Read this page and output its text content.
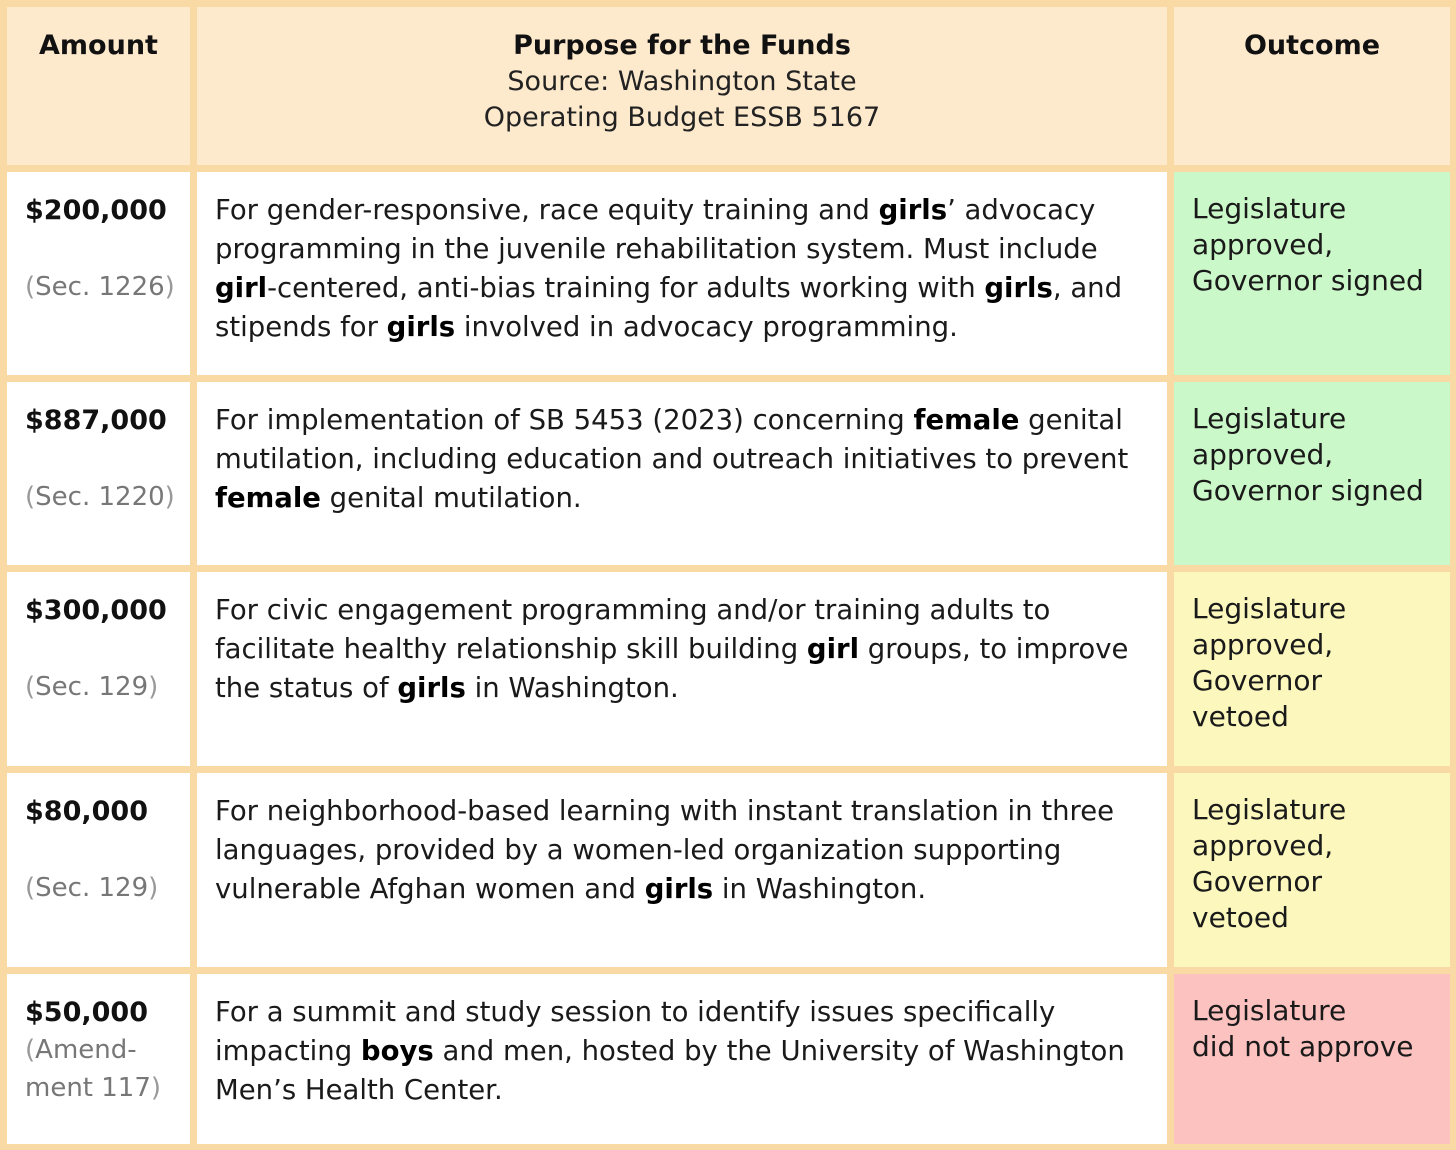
Amount	Purpose for the Funds
Source: Washington State
Operating Budget ESSB 5167
Outcome
$200,000
(Sec. 1226)
For gender-responsive, race equity training and girls’ advocacy programming in the juvenile rehabilitation system. Must include girl-centered, anti-bias training for adults working with girls, and stipends for girls involved in advocacy programming.
Legislature
approved,
Governor signed
$887,000
(Sec. 1220)
For implementation of SB 5453 (2023) concerning female genital mutilation, including education and outreach initiatives to prevent female genital mutilation.
Legislature
approved,
Governor signed
$300,000
(Sec. 129)
For civic engagement programming and/or training adults to facilitate healthy relationship skill building girl groups, to improve the status of girls in Washington.
Legislature
approved,
Governor
vetoed
$80,000
(Sec. 129)
For neighborhood-based learning with instant translation in three languages, provided by a women-led organization supporting vulnerable Afghan women and girls in Washington.
Legislature
approved,
Governor
vetoed
$50,000
(Amend-
ment 117)
For a summit and study session to identify issues specifically impacting boys and men, hosted by the University of Washington Men’s Health Center.
Legislature
did not approve
